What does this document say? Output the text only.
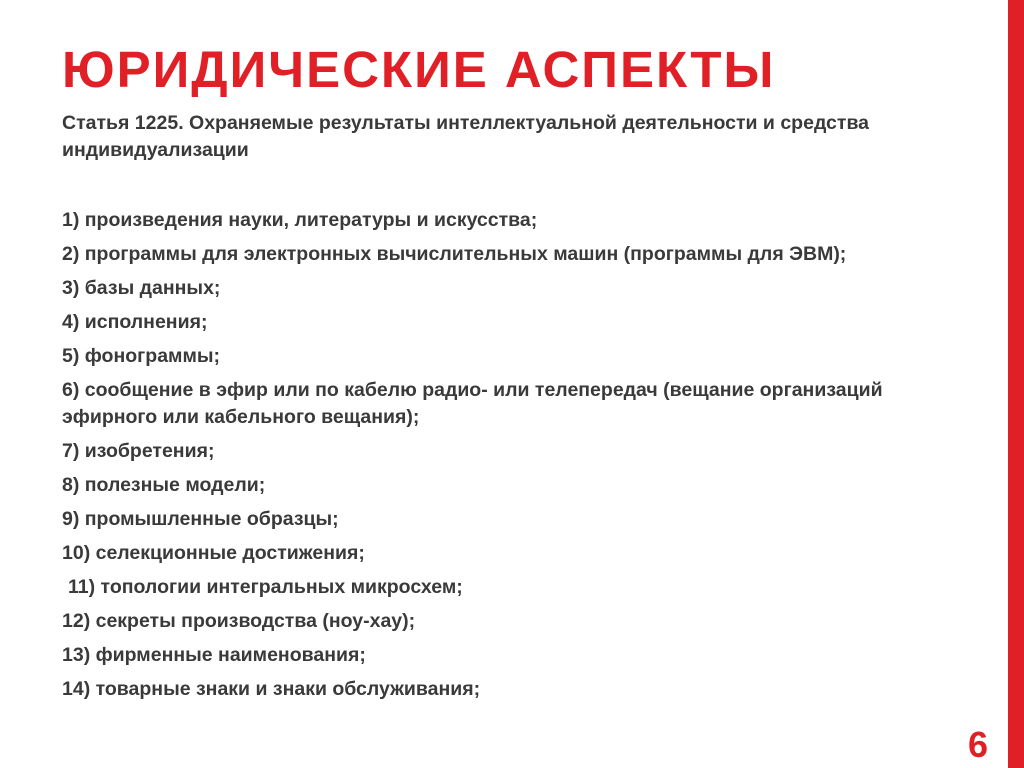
ЮРИДИЧЕСКИЕ АСПЕКТЫ

Статья 1225. Охраняемые результаты интеллектуальной деятельности и средства индивидуализации

1) произведения науки, литературы и искусства;
2) программы для электронных вычислительных машин (программы для ЭВМ);
3) базы данных;
4) исполнения;
5) фонограммы;
6) сообщение в эфир или по кабелю радио- или телепередач (вещание организаций эфирного или кабельного вещания);
7) изобретения;
8) полезные модели;
9) промышленные образцы;
10) селекционные достижения;
11) топологии интегральных микросхем;
12) секреты производства (ноу-хау);
13) фирменные наименования;
14) товарные знаки и знаки обслуживания;
6
